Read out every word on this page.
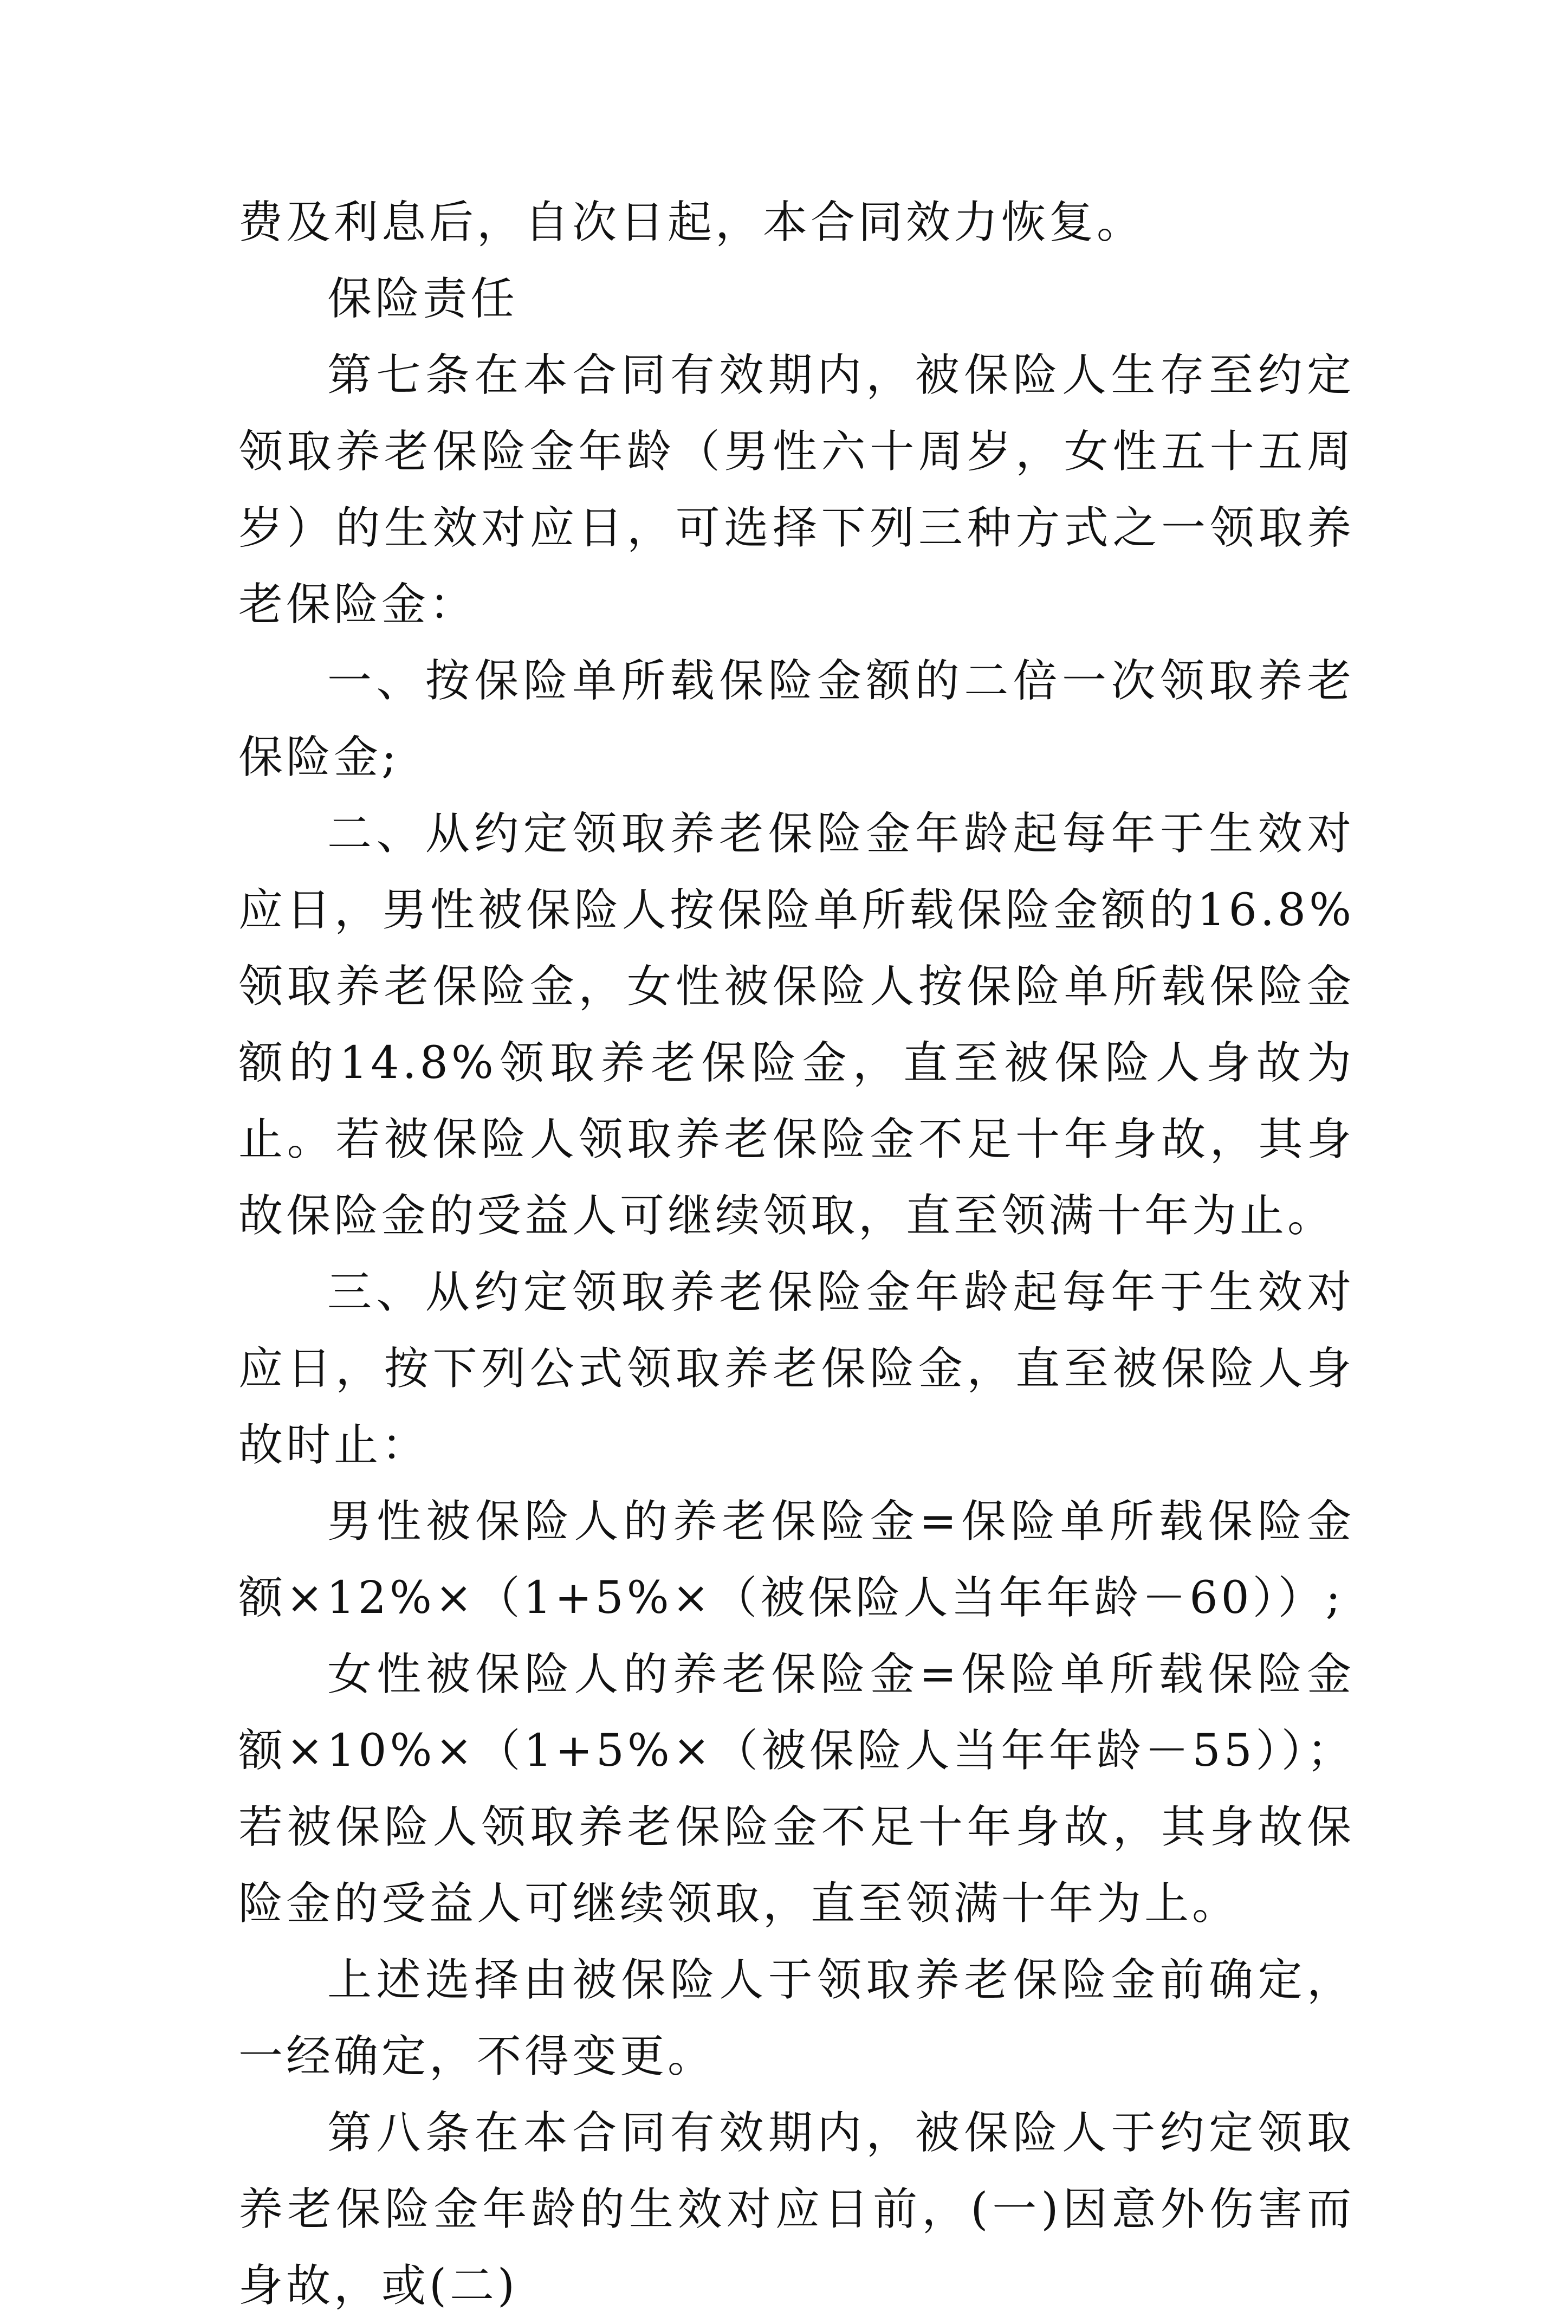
费及利息后，自次日起，本合同效力恢复。

保险责任

第七条在本合同有效期内，被保险人生存至约定领取养老保险金年龄（男性六十周岁，女性五十五周岁）的生效对应日，可选择下列三种方式之一领取养老保险金：

一、按保险单所载保险金额的二倍一次领取养老保险金;

二、从约定领取养老保险金年龄起每年于生效对应日，男性被保险人按保险单所载保险金额的16.8%领取养老保险金，女性被保险人按保险单所载保险金额的14.8%领取养老保险金，直至被保险人身故为止。若被保险人领取养老保险金不足十年身故，其身故保险金的受益人可继续领取，直至领满十年为止。

三、从约定领取养老保险金年龄起每年于生效对应日，按下列公式领取养老保险金，直至被保险人身故时止：

男性被保险人的养老保险金=保险单所载保险金额×12%×（1+5%×（被保险人当年年龄－60））;

女性被保险人的养老保险金=保险单所载保险金额×10%×（1+5%×（被保险人当年年龄－55））；若被保险人领取养老保险金不足十年身故，其身故保险金的受益人可继续领取，直至领满十年为上。

上述选择由被保险人于领取养老保险金前确定，一经确定，不得变更。

第八条在本合同有效期内，被保险人于约定领取养老保险金年龄的生效对应日前，(一)因意外伤害而身故，或(二)
